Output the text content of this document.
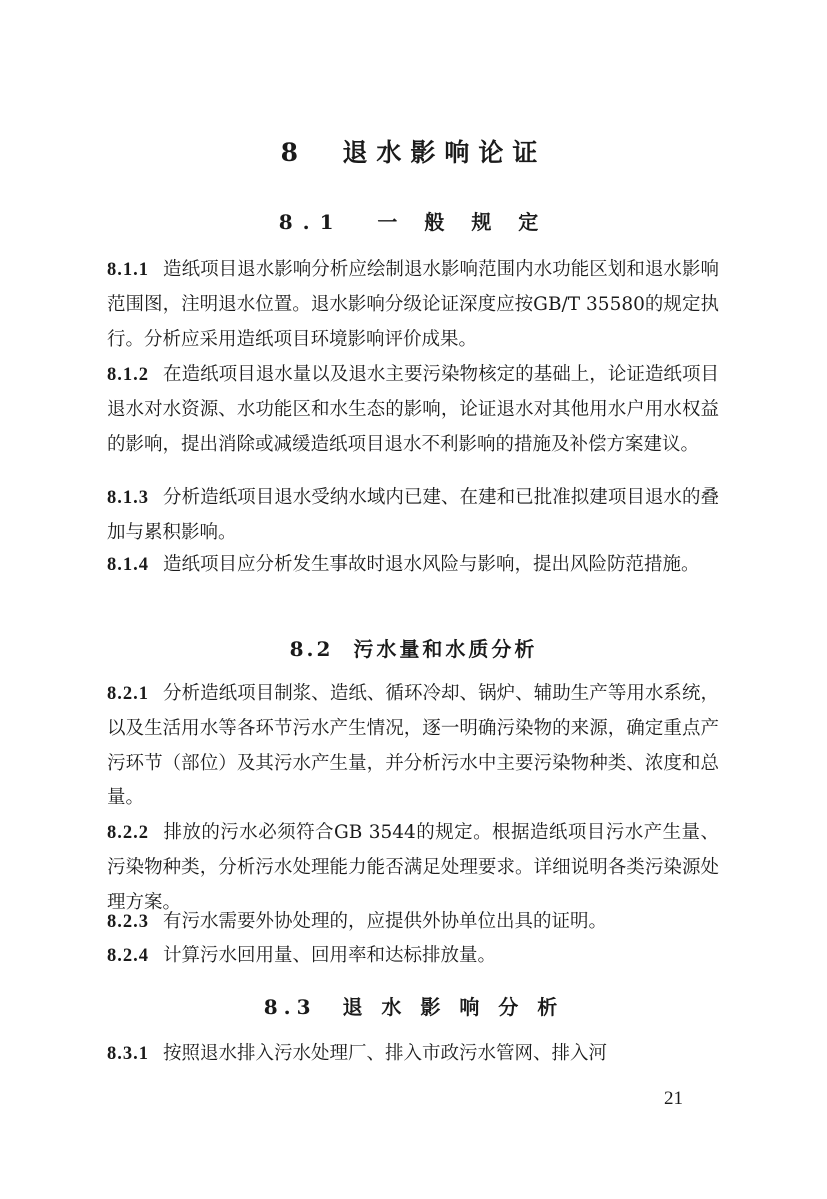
8  退水影响论证
8.1  一 般 规 定

8.1.1 造纸项目退水影响分析应绘制退水影响范围内水功能区划和退水影响范围图，注明退水位置。退水影响分级论证深度应按GB/T 35580的规定执行。分析应采用造纸项目环境影响评价成果。

8.1.2 在造纸项目退水量以及退水主要污染物核定的基础上，论证造纸项目退水对水资源、水功能区和水生态的影响，论证退水对其他用水户用水权益的影响，提出消除或减缓造纸项目退水不利影响的措施及补偿方案建议。

8.1.3 分析造纸项目退水受纳水域内已建、在建和已批准拟建项目退水的叠加与累积影响。

8.1.4 造纸项目应分析发生事故时退水风险与影响，提出风险防范措施。

8.2  污水量和水质分析

8.2.1 分析造纸项目制浆、造纸、循环冷却、锅炉、辅助生产等用水系统，以及生活用水等各环节污水产生情况，逐一明确污染物的来源，确定重点产污环节（部位）及其污水产生量，并分析污水中主要污染物种类、浓度和总量。

8.2.2 排放的污水必须符合GB 3544的规定。根据造纸项目污水产生量、污染物种类，分析污水处理能力能否满足处理要求。详细说明各类污染源处理方案。

8.2.3 有污水需要外协处理的，应提供外协单位出具的证明。

8.2.4 计算污水回用量、回用率和达标排放量。

8.3  退 水 影 响 分 析

8.3.1 按照退水排入污水处理厂、排入市政污水管网、排入河

21
